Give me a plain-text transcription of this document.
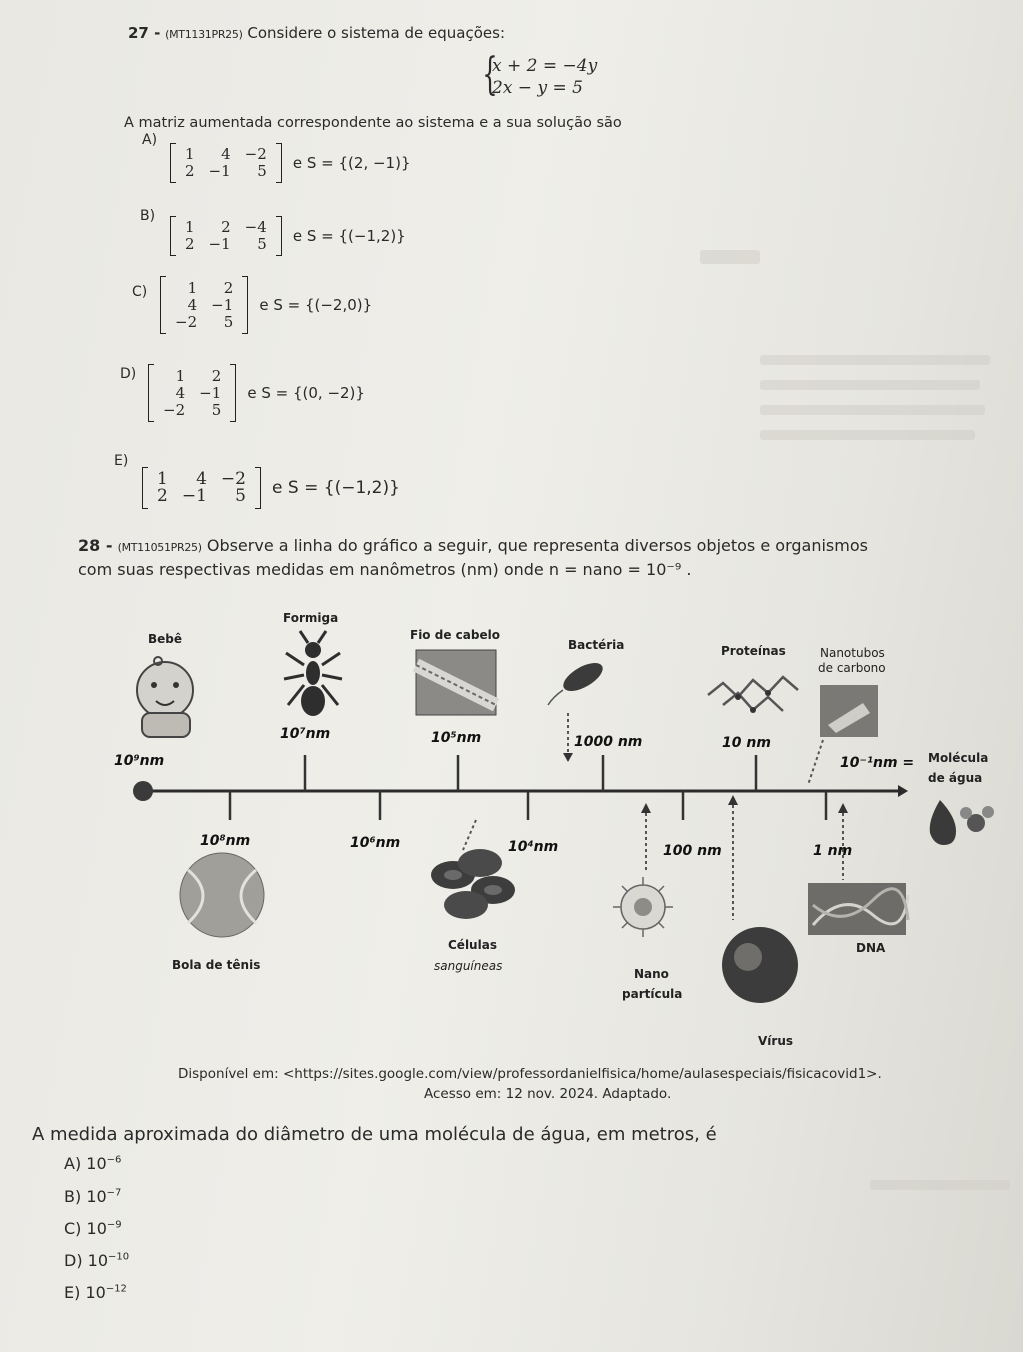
27 - (MT1131PR25) Considere o sistema de equações:
{
x + 2 = −4y
2x − y = 5
A matriz aumentada correspondente ao sistema e a sua solução são
A)
1	4	−2
2	−1	5 e S = {(2, −1)}
B)
1	2	−4
2	−1	5 e S = {(−1,2)}
C)	1	2
4	−1
−2	5
e S = {(−2,0)}
D)	1	2
4	−1
−2	5
e S = {(0, −2)}
E)
1	4	−2
2	−1	5 e S = {(−1,2)}
28 - (MT11051PR25) Observe a linha do gráfico a seguir, que representa diversos objetos e organismos
com suas respectivas medidas em nanômetros (nm) onde n = nano = 10⁻⁹ .
Bebê
Formiga
Fio de cabelo
Bactéria	Proteínas	Nanotubos
de carbono
10⁹nm
10⁷nm	10⁵nm	1000 nm	10 nm
10⁻¹nm = Molécula
de água
10⁸nm	10⁶nm	10⁴nm	100 nm	1 nm
Bola de tênis
Células
sanguíneas
Nano
partícula
Vírus
DNA
Disponível em: <https://sites.google.com/view/professordanielfisica/home/aulasespeciais/fisicacovid1>.
Acesso em: 12 nov. 2024. Adaptado.
A medida aproximada do diâmetro de uma molécula de água, em metros, é
A) $10^{-6}$
B) $10^{-7}$
C) $10^{-9}$
D) $10^{-10}$
E) $10^{-12}$
